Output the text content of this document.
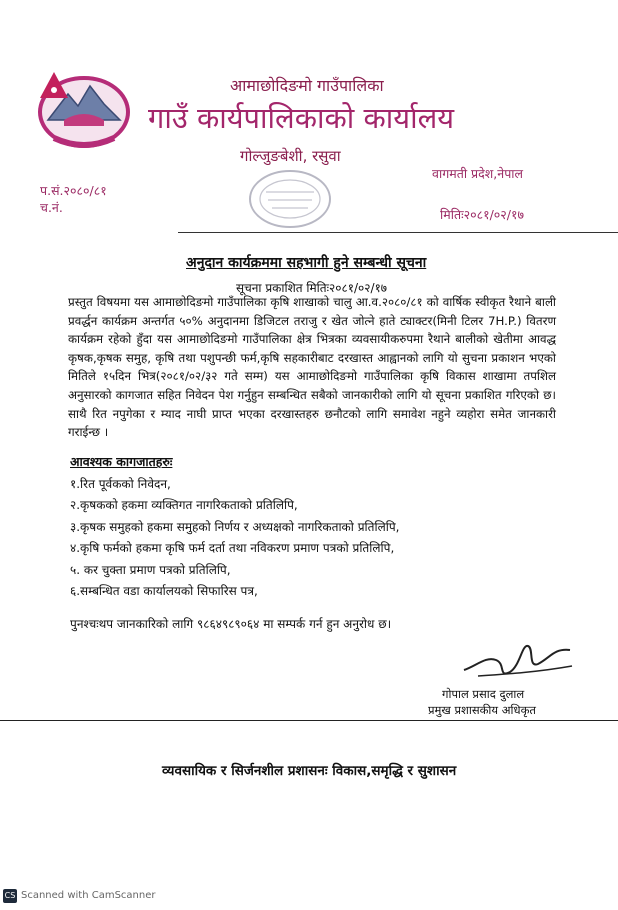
आमाछोदिङमो गाउँपालिका
गाउँ कार्यपालिकाको कार्यालय
गोल्जुङबेशी, रसुवा
वागमती प्रदेश,नेपाल
प.सं.२०८०/८१
च.नं.	मितिः२०८१/०२/१७
अनुदान कार्यक्रममा सहभागी हुने सम्बन्धी सूचना
सूचना प्रकाशित मितिः२०८१/०२/१७
प्रस्तुत विषयमा यस आमाछोदिङमो गाउँपालिका कृषि शाखाको चालु आ.व.२०८०/८१ को वार्षिक स्वीकृत रैथाने बाली प्रवर्द्धन कार्यक्रम अन्तर्गत ५०% अनुदानमा डिजिटल तराजु र खेत जोत्ने हाते ट्याक्टर(मिनी टिलर 7H.P.) वितरण कार्यक्रम रहेको हुँदा यस आमाछोदिङमो गाउँपालिका क्षेत्र भित्रका व्यवसायीकरुपमा रैथाने बालीको खेतीमा आवद्ध कृषक,कृषक समुह, कृषि तथा पशुपन्छी फर्म,कृषि सहकारीबाट दरखास्त आह्वानको लागि यो सुचना प्रकाशन भएको मितिले १५दिन भित्र(२०८१/०२/३२ गते सम्म) यस आमाछोदिङमो गाउँपालिका कृषि विकास शाखामा तपशिल अनुसारको कागजात सहित निवेदन पेश गर्नुहुन सम्बन्धित सबैको जानकारीको लागि यो सूचना प्रकाशित गरिएको छ। साथै रित नपुगेका र म्याद नाघी प्राप्त भएका दरखास्तहरु छनौटको लागि समावेश नहुने व्यहोरा समेत जानकारी गराईन्छ ।
आवश्यक कागजातहरुः
१.रित पूर्वकको निवेदन,
२.कृषकको हकमा व्यक्तिगत नागरिकताको प्रतिलिपि,
३.कृषक समुहको हकमा समुहको निर्णय र अध्यक्षको नागरिकताको प्रतिलिपि,
४.कृषि फर्मको हकमा कृषि फर्म दर्ता तथा नविकरण प्रमाण पत्रको प्रतिलिपि,
५. कर चुक्ता प्रमाण पत्रको प्रतिलिपि,
६.सम्बन्धित वडा कार्यालयको सिफारिस पत्र,
पुनश्चःथप जानकारिको लागि ९८६४९८९०६४ मा सम्पर्क गर्न हुन अनुरोध छ।
गोपाल प्रसाद दुलाल
प्रमुख प्रशासकीय अधिकृत
व्यवसायिक र सिर्जनशील प्रशासनः विकास,समृद्धि र सुशासन
CS Scanned with CamScanner
